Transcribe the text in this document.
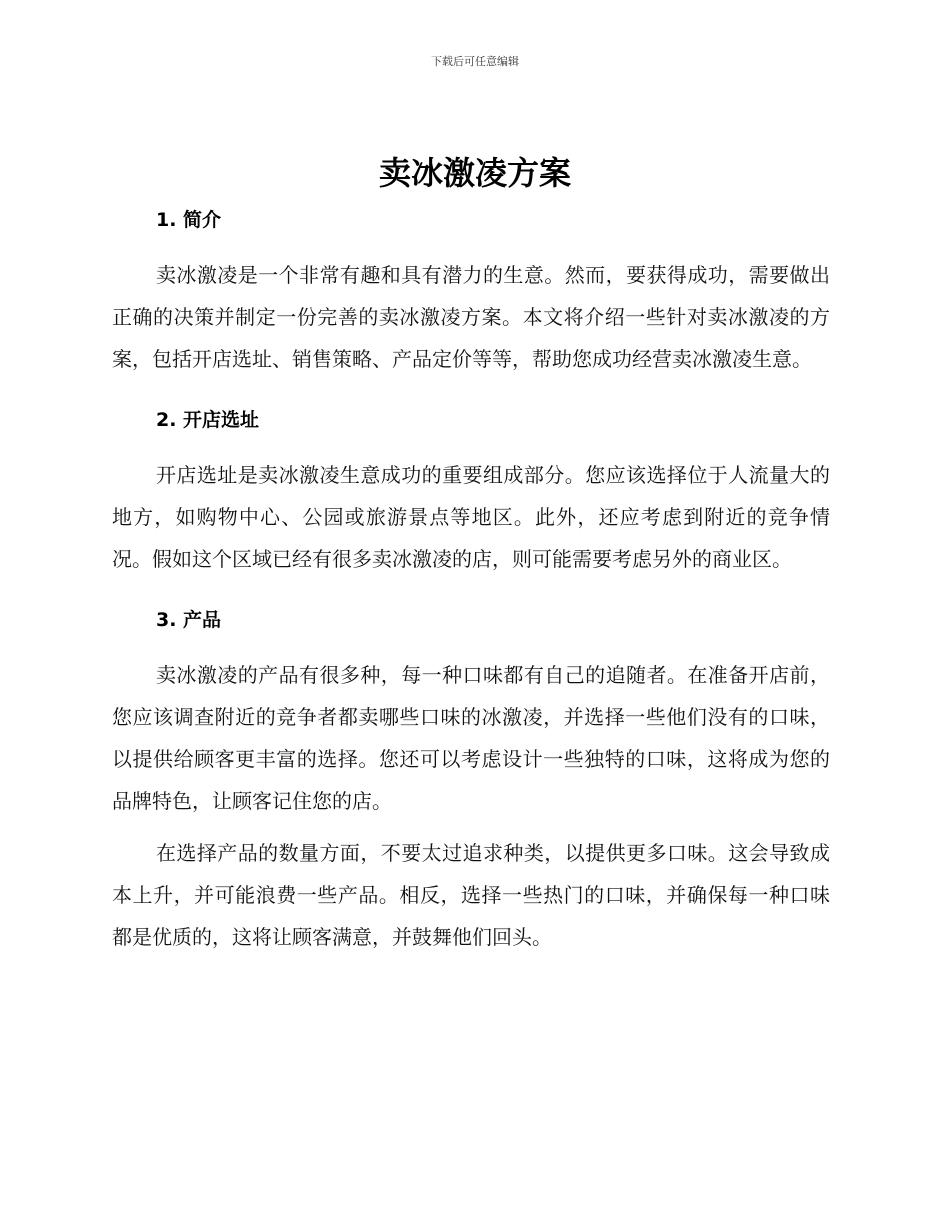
下载后可任意编辑
卖冰激凌方案
1. 简介

卖冰激凌是一个非常有趣和具有潜力的生意。然而，要获得成功，需要做出正确的决策并制定一份完善的卖冰激凌方案。本文将介绍一些针对卖冰激凌的方案，包括开店选址、销售策略、产品定价等等，帮助您成功经营卖冰激凌生意。

2. 开店选址

开店选址是卖冰激凌生意成功的重要组成部分。您应该选择位于人流量大的地方，如购物中心、公园或旅游景点等地区。此外，还应考虑到附近的竞争情况。假如这个区域已经有很多卖冰激凌的店，则可能需要考虑另外的商业区。

3. 产品

卖冰激凌的产品有很多种，每一种口味都有自己的追随者。在准备开店前，您应该调查附近的竞争者都卖哪些口味的冰激凌，并选择一些他们没有的口味，以提供给顾客更丰富的选择。您还可以考虑设计一些独特的口味，这将成为您的品牌特色，让顾客记住您的店。

在选择产品的数量方面，不要太过追求种类，以提供更多口味。这会导致成本上升，并可能浪费一些产品。相反，选择一些热门的口味，并确保每一种口味都是优质的，这将让顾客满意，并鼓舞他们回头。
